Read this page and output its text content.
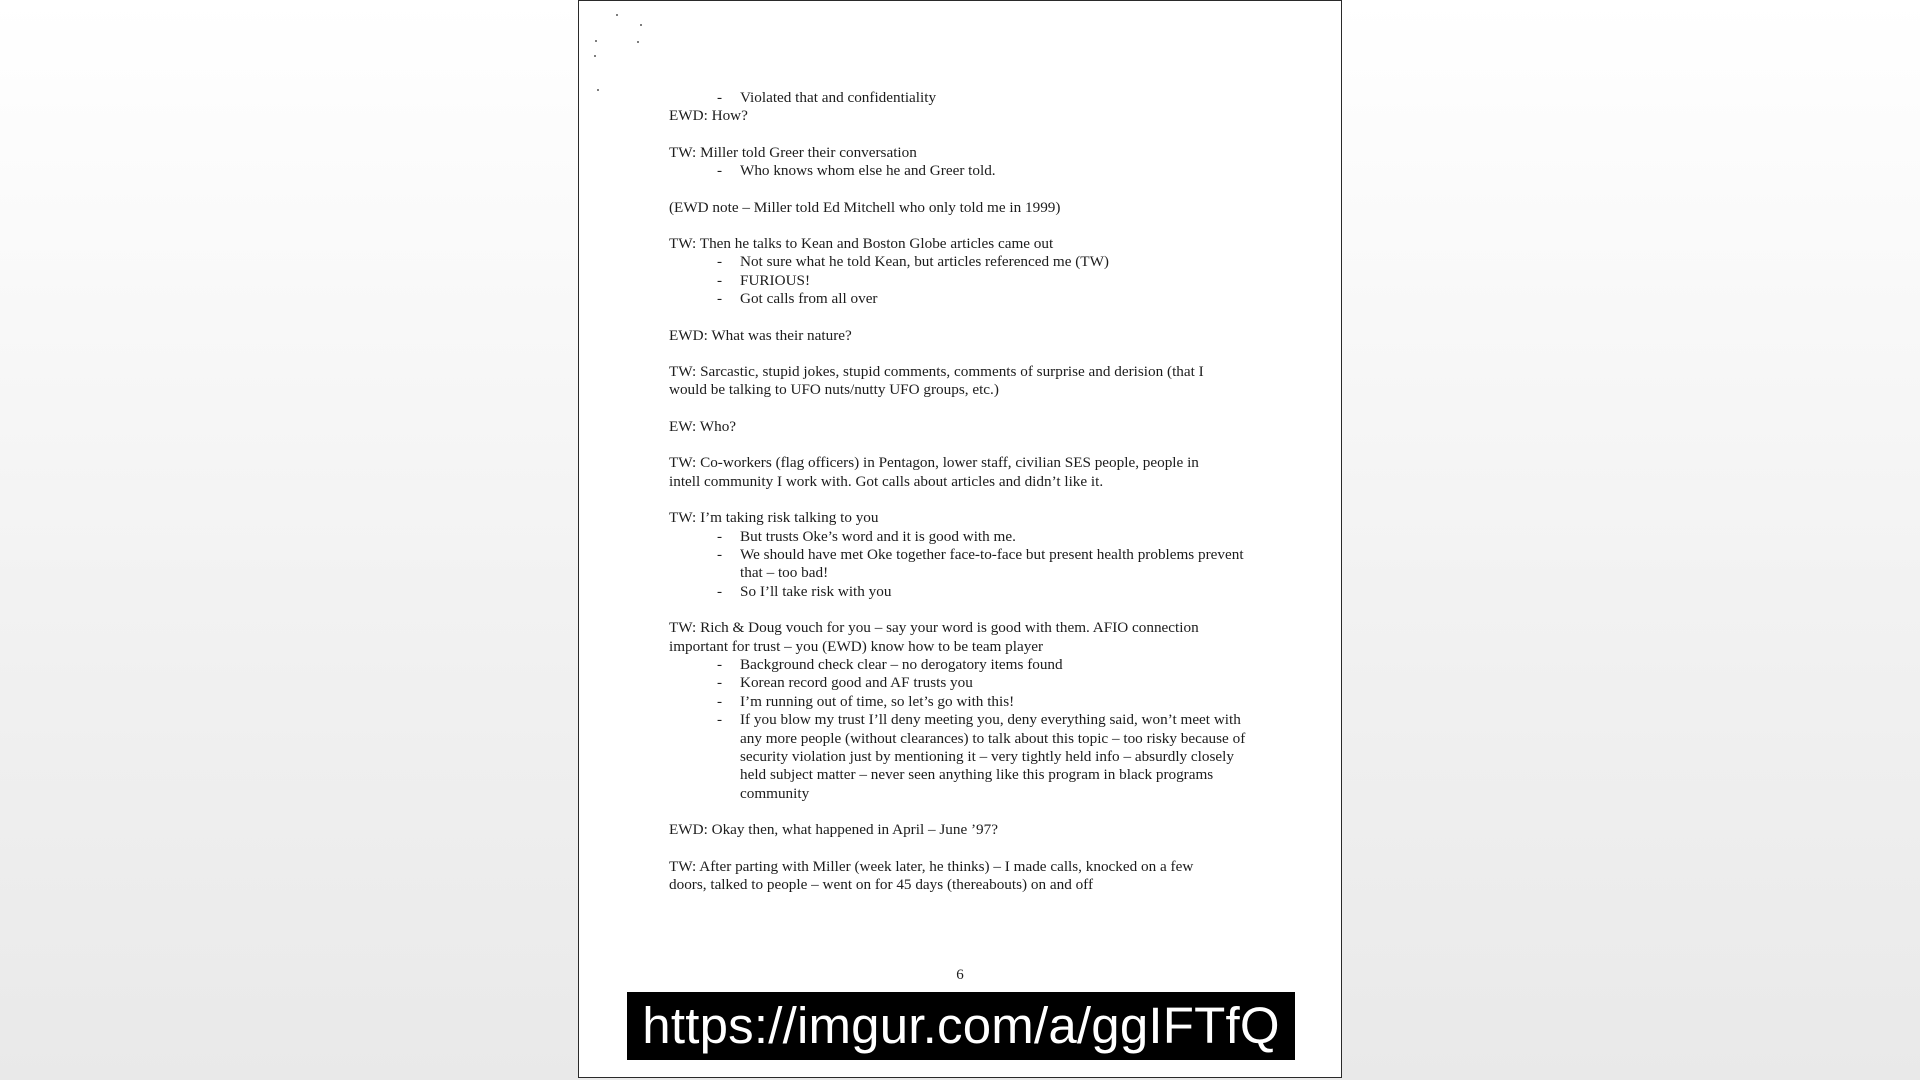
- Violated that and confidentiality

EWD: How?

TW: Miller told Greer their conversation

- Who knows whom else he and Greer told.

(EWD note – Miller told Ed Mitchell who only told me in 1999)

TW: Then he talks to Kean and Boston Globe articles came out

- Not sure what he told Kean, but articles referenced me (TW)
- FURIOUS!
- Got calls from all over

EWD: What was their nature?

TW: Sarcastic, stupid jokes, stupid comments, comments of surprise and derision (that I

would be talking to UFO nuts/nutty UFO groups, etc.)

EW: Who?

TW: Co-workers (flag officers) in Pentagon, lower staff, civilian SES people, people in

intell community I work with. Got calls about articles and didn’t like it.

TW: I’m taking risk talking to you

- But trusts Oke’s word and it is good with me.
- We should have met Oke together face-to-face but present health problems prevent that – too bad!
- So I’ll take risk with you

TW: Rich & Doug vouch for you – say your word is good with them. AFIO connection

important for trust – you (EWD) know how to be team player

- Background check clear – no derogatory items found
- Korean record good and AF trusts you
- I’m running out of time, so let’s go with this!
- If you blow my trust I’ll deny meeting you, deny everything said, won’t meet with any more people (without clearances) to talk about this topic – too risky because of security violation just by mentioning it – very tightly held info – absurdly closely held subject matter – never seen anything like this program in black programs community

EWD: Okay then, what happened in April – June ’97?

TW: After parting with Miller (week later, he thinks) – I made calls, knocked on a few

doors, talked to people – went on for 45 days (thereabouts) on and off

6
https://imgur.com/a/ggIFTfQ
